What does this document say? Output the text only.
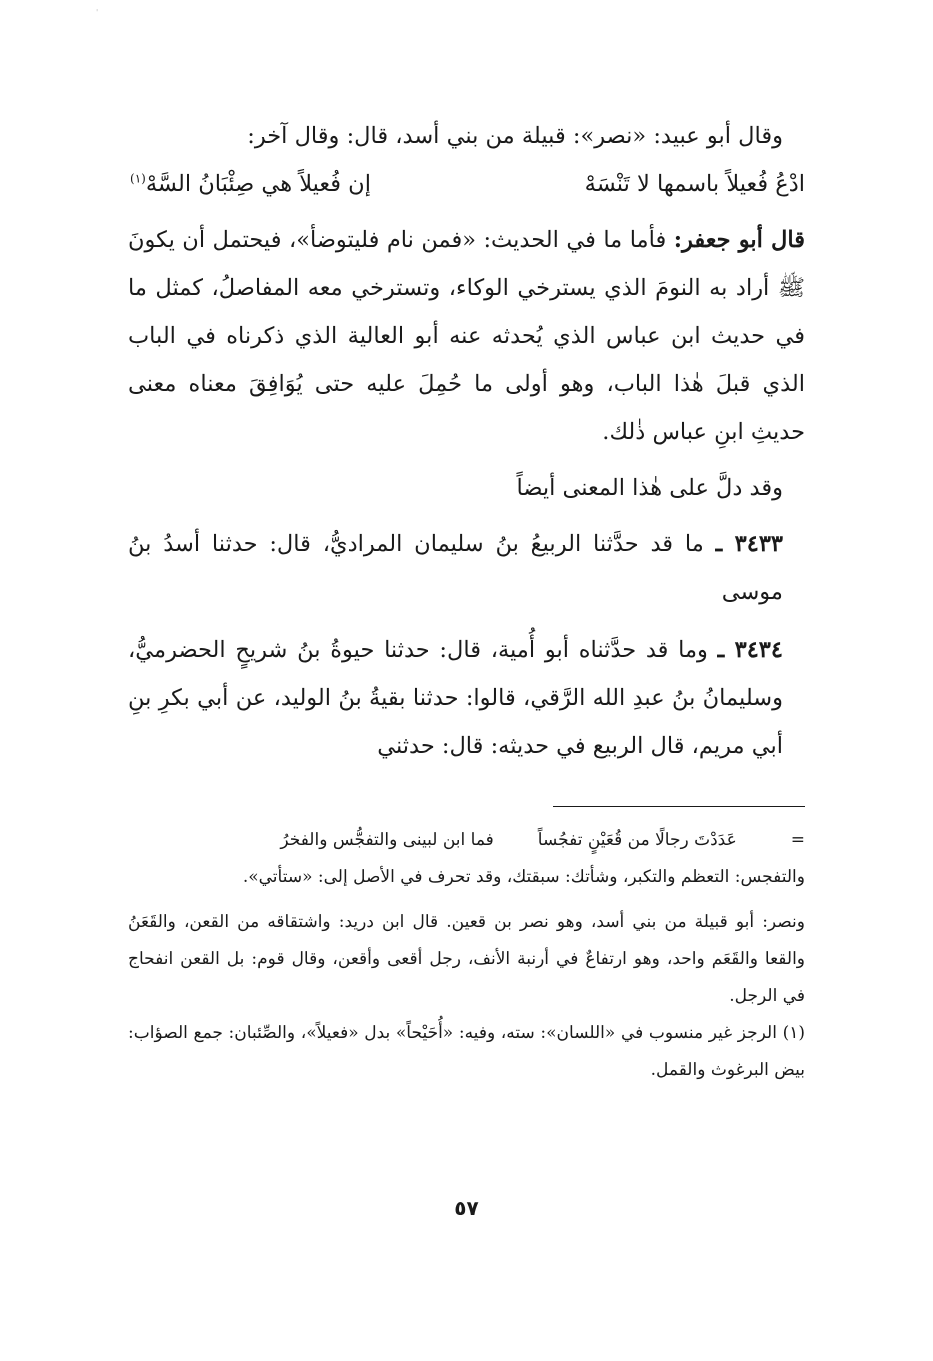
'

وقال أبو عبيد: «نصر»: قبيلة من بني أسد، قال: وقال آخر:

ادْعُ فُعيلاً باسمها لا تَنْسَهْ
إن فُعيلاً هي صِئْبَانُ السَّهْ$^{(١)}$

قال أبو جعفر: فأما ما في الحديث: «فمن نام فليتوضأ»، فيحتمل أن يكونَ ﷺ أراد به النومَ الذي يسترخي الوكاء، وتسترخي معه المفاصلُ، كمثل ما في حديث ابن عباس الذي يُحدثه عنه أبو العالية الذي ذكرناه في الباب الذي قبلَ هٰذا الباب، وهو أولى ما حُمِلَ عليه حتى يُوَافِقَ معناه معنى حديثِ ابنِ عباس ذٰلك.

وقد دلَّ على هٰذا المعنى أيضاً

٣٤٣٣ ـ ما قد حدَّثنا الربيعُ بنُ سليمان المراديُّ، قال: حدثنا أسدُ بنُ موسى

٣٤٣٤ ـ وما قد حدَّثناه أبو أُمية، قال: حدثنا حيوةُ بنُ شريحٍ الحضرميُّ، وسليمانُ بنُ عبدِ الله الرَّقي، قالوا: حدثنا بقيةُ بنُ الوليد، عن أبي بكرِ بنِ أبي مريم، قال الربيع في حديثه: قال: حدثني

=
عَدَدْتَ رجالًا من قُعَيْنٍ تفجُساً
فما ابن لبينى والتفجُّس والفخرُ

والتفجس: التعظم والتكبر، وشأتك: سبقتك، وقد تحرف في الأصل إلى: «ستأتي».

ونصر: أبو قبيلة من بني أسد، وهو نصر بن قعين. قال ابن دريد: واشتقاقه من القعن، والقَعَنُ والقعا والقَعَم واحد، وهو ارتفاعٌ في أرنبة الأنف، رجل أقعى وأقعن، وقال قوم: بل القعن انفحاج في الرجل.

(١) الرجز غير منسوب في «اللسان»: سته، وفيه: «أُحَيْحاً» بدل «فعيلاً»، والصِّئبان: جمع الصؤاب: بيض البرغوث والقمل.

٥٧
